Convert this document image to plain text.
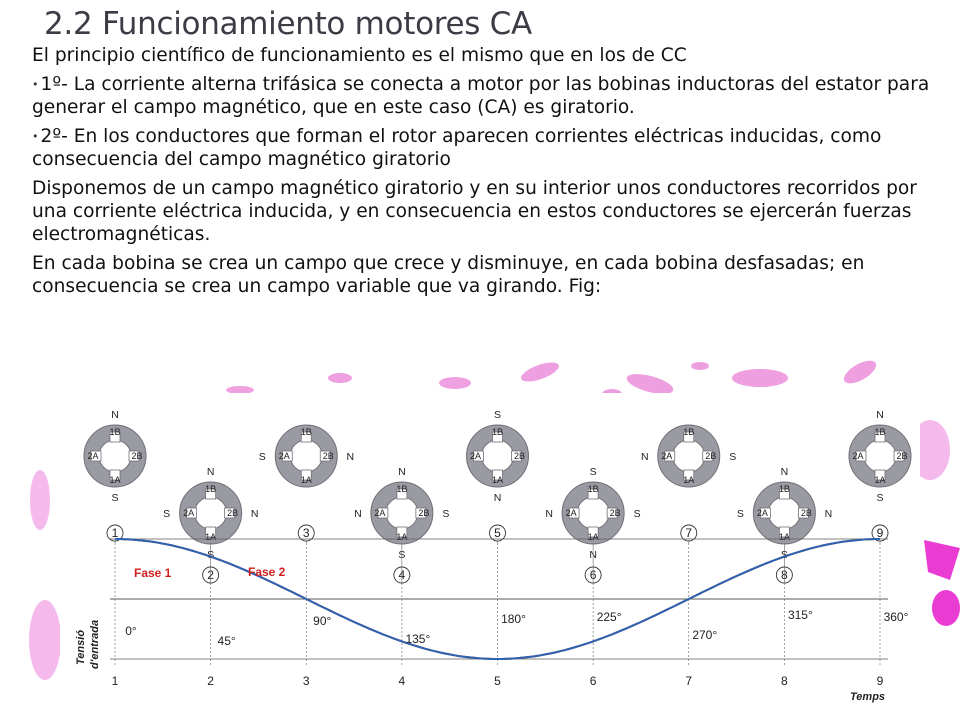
2.2 Funcionamiento motores CA

El principio científico de funcionamiento es el mismo que en los de CC

• 1º- La corriente alterna trifásica se conecta a motor por las bobinas inductoras del estator para generar el campo magnético, que en este caso (CA) es giratorio.

• 2º- En los conductores que forman el rotor aparecen corrientes eléctricas inducidas, como consecuencia del campo magnético giratorio

Disponemos de un campo magnético giratorio y en su interior unos conductores recorridos por una corriente eléctrica inducida, y en consecuencia en estos conductores se ejercerán fuerzas electromagnéticas.

En cada bobina se crea un campo que crece y disminuye, en cada bobina desfasadas; en consecuencia se crea un campo variable que va girando. Fig:

1B
1A
2A	2B
N
S
1
1B
1A
2A	2B
N
S
S	N
2
1B
1A
2A	2B
S	N
3
1B
1A
2A	2B
N
S
N	S
4
1B
1A
2A	2B
S
N
5
1B
1A
2A	2B
S
N
N	S
6
1B
1A
2A	2B
N	S
7
1B
1A
2A	2B
N
S
S	N
8
1B
1A
2A	2B
N
S
9
Fase 1	Fase 2
Tensió d'entrada
Temps
0°
45°
90°
135°
180°	225°
270°
315°	360°
1	2	3	4	5	6	7	8	9
